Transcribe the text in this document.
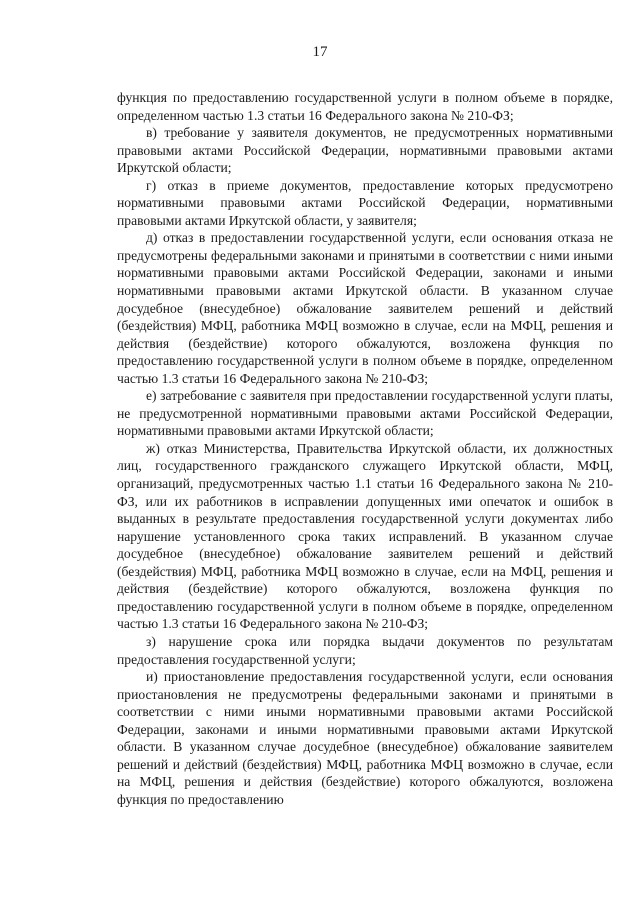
17

функция по предоставлению государственной услуги в полном объеме в порядке, определенном частью 1.3 статьи 16 Федерального закона № 210-ФЗ;

в) требование у заявителя документов, не предусмотренных нормативными правовыми актами Российской Федерации, нормативными правовыми актами Иркутской области;

г) отказ в приеме документов, предоставление которых предусмотрено нормативными правовыми актами Российской Федерации, нормативными правовыми актами Иркутской области, у заявителя;

д) отказ в предоставлении государственной услуги, если основания отказа не предусмотрены федеральными законами и принятыми в соответствии с ними иными нормативными правовыми актами Российской Федерации, законами и иными нормативными правовыми актами Иркутской области. В указанном случае досудебное (внесудебное) обжалование заявителем решений и действий (бездействия) МФЦ, работника МФЦ возможно в случае, если на МФЦ, решения и действия (бездействие) которого обжалуются, возложена функция по предоставлению государственной услуги в полном объеме в порядке, определенном частью 1.3 статьи 16 Федерального закона № 210-ФЗ;

е) затребование с заявителя при предоставлении государственной услуги платы, не предусмотренной нормативными правовыми актами Российской Федерации, нормативными правовыми актами Иркутской области;

ж) отказ Министерства, Правительства Иркутской области, их должностных лиц, государственного гражданского служащего Иркутской области, МФЦ, организаций, предусмотренных частью 1.1 статьи 16 Федерального закона № 210-ФЗ, или их работников в исправлении допущенных ими опечаток и ошибок в выданных в результате предоставления государственной услуги документах либо нарушение установленного срока таких исправлений. В указанном случае досудебное (внесудебное) обжалование заявителем решений и действий (бездействия) МФЦ, работника МФЦ возможно в случае, если на МФЦ, решения и действия (бездействие) которого обжалуются, возложена функция по предоставлению государственной услуги в полном объеме в порядке, определенном частью 1.3 статьи 16 Федерального закона № 210-ФЗ;

з) нарушение срока или порядка выдачи документов по результатам предоставления государственной услуги;

и) приостановление предоставления государственной услуги, если основания приостановления не предусмотрены федеральными законами и принятыми в соответствии с ними иными нормативными правовыми актами Российской Федерации, законами и иными нормативными правовыми актами Иркутской области. В указанном случае досудебное (внесудебное) обжалование заявителем решений и действий (бездействия) МФЦ, работника МФЦ возможно в случае, если на МФЦ, решения и действия (бездействие) которого обжалуются, возложена функция по предоставлению
